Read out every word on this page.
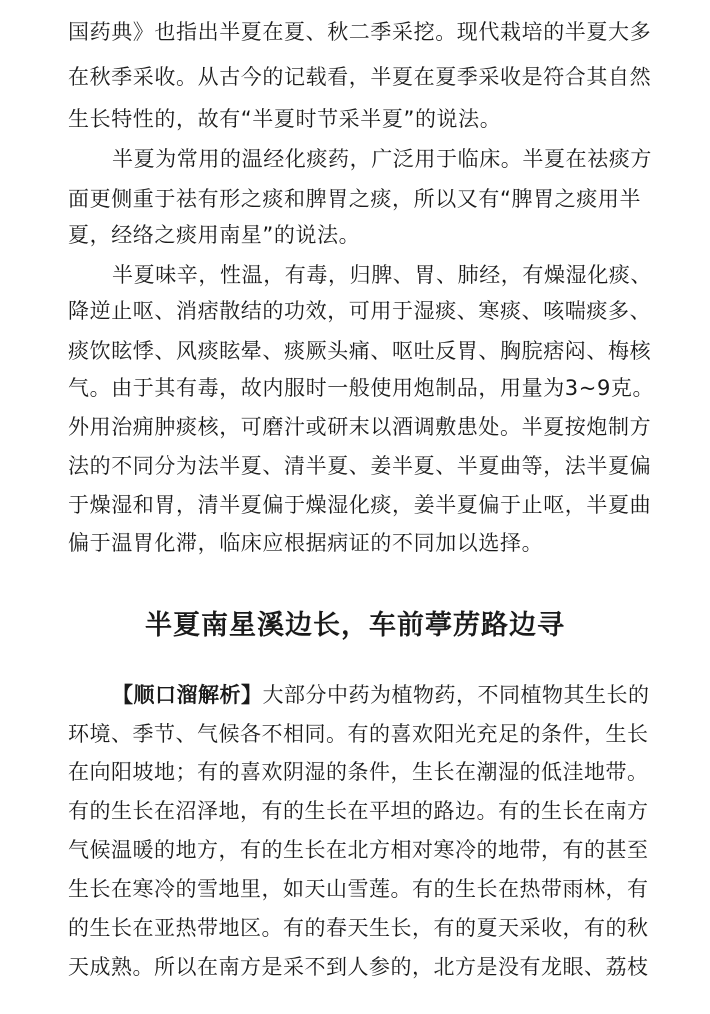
国药典》也指出半夏在夏、秋二季采挖。现代栽培的半夏大多
在秋季采收。从古今的记载看，半夏在夏季采收是符合其自然
生长特性的，故有“半夏时节采半夏”的说法。
半夏为常用的温经化痰药，广泛用于临床。半夏在祛痰方
面更侧重于祛有形之痰和脾胃之痰，所以又有“脾胃之痰用半
夏，经络之痰用南星”的说法。
半夏味辛，性温，有毒，归脾、胃、肺经，有燥湿化痰、
降逆止呕、消痞散结的功效，可用于湿痰、寒痰、咳喘痰多、
痰饮眩悸、风痰眩晕、痰厥头痛、呕吐反胃、胸脘痞闷、梅核
气。由于其有毒，故内服时一般使用炮制品，用量为3~9克。
外用治痈肿痰核，可磨汁或研末以酒调敷患处。半夏按炮制方
法的不同分为法半夏、清半夏、姜半夏、半夏曲等，法半夏偏
于燥湿和胃，清半夏偏于燥湿化痰，姜半夏偏于止呕，半夏曲
偏于温胃化滞，临床应根据病证的不同加以选择。
半夏南星溪边长，车前葶苈路边寻
【顺口溜解析】大部分中药为植物药，不同植物其生长的
环境、季节、气候各不相同。有的喜欢阳光充足的条件，生长
在向阳坡地；有的喜欢阴湿的条件，生长在潮湿的低洼地带。
有的生长在沼泽地，有的生长在平坦的路边。有的生长在南方
气候温暖的地方，有的生长在北方相对寒冷的地带，有的甚至
生长在寒冷的雪地里，如天山雪莲。有的生长在热带雨林，有
的生长在亚热带地区。有的春天生长，有的夏天采收，有的秋
天成熟。所以在南方是采不到人参的，北方是没有龙眼、荔枝
